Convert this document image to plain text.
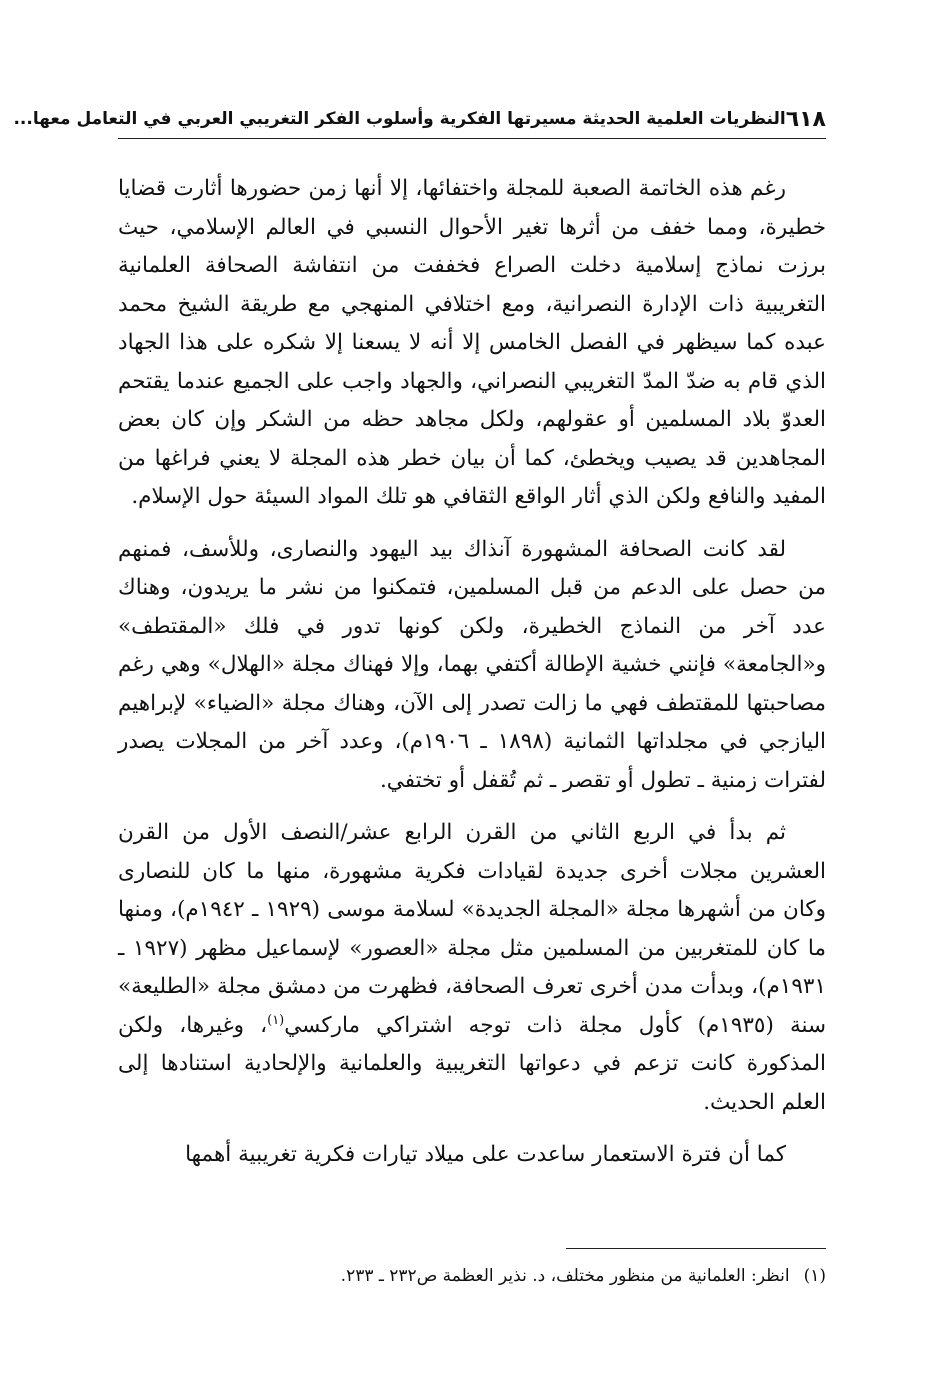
٦١٨
النظريات العلمية الحديثة مسيرتها الفكرية وأسلوب الفكر التغريبي العربي في التعامل معها...

رغم هذه الخاتمة الصعبة للمجلة واختفائها، إلا أنها زمن حضورها أثارت قضايا خطيرة، ومما خفف من أثرها تغير الأحوال النسبي في العالم الإسلامي، حيث برزت نماذج إسلامية دخلت الصراع فخففت من انتفاشة الصحافة العلمانية التغريبية ذات الإدارة النصرانية، ومع اختلافي المنهجي مع طريقة الشيخ محمد عبده كما سيظهر في الفصل الخامس إلا أنه لا يسعنا إلا شكره على هذا الجهاد الذي قام به ضدّ المدّ التغريبي النصراني، والجهاد واجب على الجميع عندما يقتحم العدوّ بلاد المسلمين أو عقولهم، ولكل مجاهد حظه من الشكر وإن كان بعض المجاهدين قد يصيب ويخطئ، كما أن بيان خطر هذه المجلة لا يعني فراغها من المفيد والنافع ولكن الذي أثار الواقع الثقافي هو تلك المواد السيئة حول الإسلام.

لقد كانت الصحافة المشهورة آنذاك بيد اليهود والنصارى، وللأسف، فمنهم من حصل على الدعم من قبل المسلمين، فتمكنوا من نشر ما يريدون، وهناك عدد آخر من النماذج الخطيرة، ولكن كونها تدور في فلك «المقتطف» و«الجامعة» فإنني خشية الإطالة أكتفي بهما، وإلا فهناك مجلة «الهلال» وهي رغم مصاحبتها للمقتطف فهي ما زالت تصدر إلى الآن، وهناك مجلة «الضياء» لإبراهيم اليازجي في مجلداتها الثمانية (١٨٩٨ ـ ١٩٠٦م)، وعدد آخر من المجلات يصدر لفترات زمنية ـ تطول أو تقصر ـ ثم تُقفل أو تختفي.

ثم بدأ في الربع الثاني من القرن الرابع عشر/النصف الأول من القرن العشرين مجلات أخرى جديدة لقيادات فكرية مشهورة، منها ما كان للنصارى وكان من أشهرها مجلة «المجلة الجديدة» لسلامة موسى (١٩٢٩ ـ ١٩٤٢م)، ومنها ما كان للمتغربين من المسلمين مثل مجلة «العصور» لإسماعيل مظهر (١٩٢٧ ـ ١٩٣١م)، وبدأت مدن أخرى تعرف الصحافة، فظهرت من دمشق مجلة «الطليعة» سنة (١٩٣٥م) كأول مجلة ذات توجه اشتراكي ماركسي$^{(١)}$، وغيرها، ولكن المذكورة كانت تزعم في دعواتها التغريبية والعلمانية والإلحادية استنادها إلى العلم الحديث.

كما أن فترة الاستعمار ساعدت على ميلاد تيارات فكرية تغريبية أهمها

(١)انظر: العلمانية من منظور مختلف، د. نذير العظمة ص٢٣٢ ـ ٢٣٣.
